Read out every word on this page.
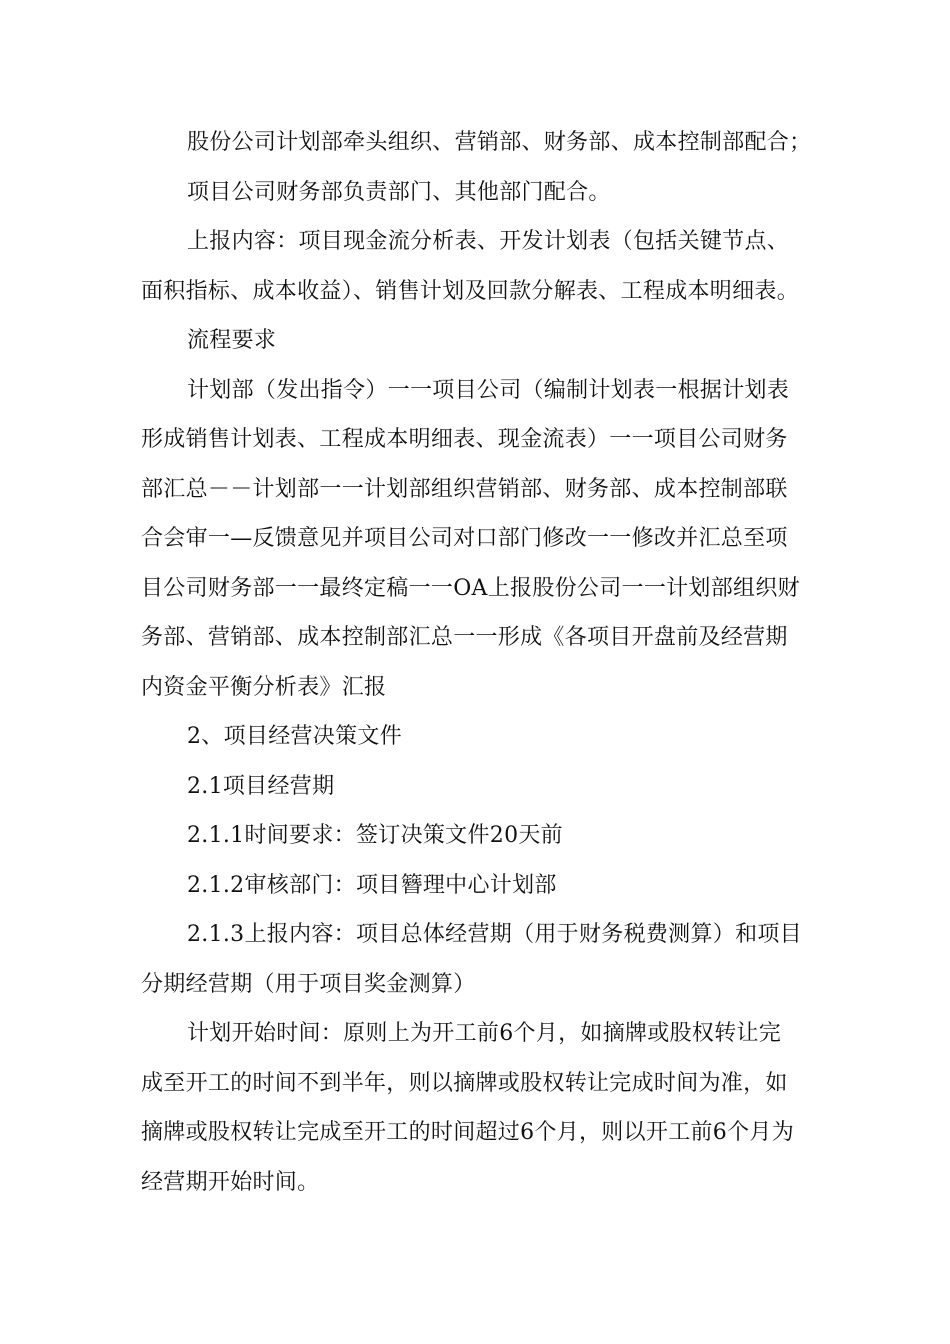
股份公司计划部牵头组织、营销部、财务部、成本控制部配合；

项目公司财务部负责部门、其他部门配合。

上报内容：项目现金流分析表、开发计划表（包括关键节点、
面积指标、成本收益）、销售计划及回款分解表、工程成本明细表。

流程要求

计划部（发出指令）一一项目公司（编制计划表一根据计划表
形成销售计划表、工程成本明细表、现金流表）一一项目公司财务
部汇总－－计划部一一计划部组织营销部、财务部、成本控制部联
合会审一—反馈意见并项目公司对口部门修改一一修改并汇总至项
目公司财务部一一最终定稿一一OA上报股份公司一一计划部组织财
务部、营销部、成本控制部汇总一一形成《各项目开盘前及经营期
内资金平衡分析表》汇报

2、项目经营决策文件

2.1项目经营期

2.1.1时间要求：签订决策文件20天前

2.1.2审核部门：项目簪理中心计划部

2.1.3上报内容：项目总体经营期（用于财务税费测算）和项目
分期经营期（用于项目奖金测算）

计划开始时间：原则上为开工前6个月，如摘牌或股权转让完
成至开工的时间不到半年，则以摘牌或股权转让完成时间为准，如
摘牌或股权转让完成至开工的时间超过6个月，则以开工前6个月为
经营期开始时间。
